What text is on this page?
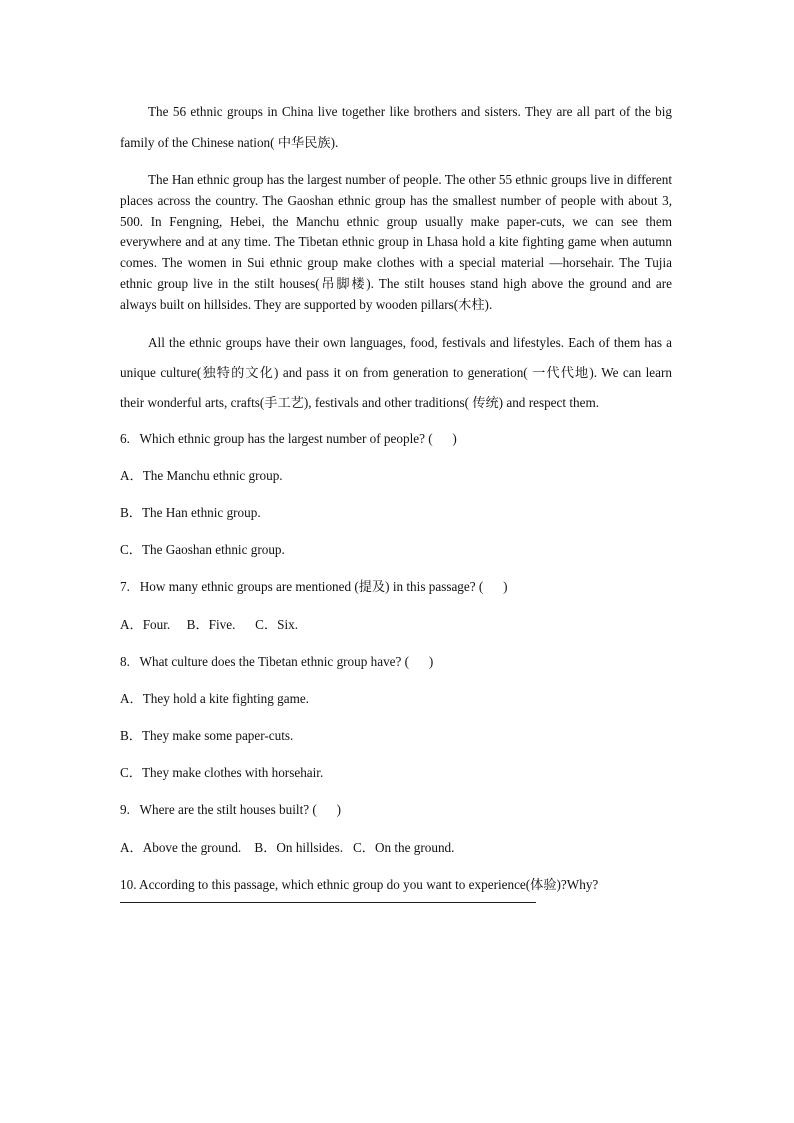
The 56 ethnic groups in China live together like brothers and sisters. They are all part of the big family of the Chinese nation( 中华民族).

The Han ethnic group has the largest number of people. The other 55 ethnic groups live in different places across the country. The Gaoshan ethnic group has the smallest number of people with about 3, 500. In Fengning, Hebei, the Manchu ethnic group usually make paper-cuts, we can see them everywhere and at any time. The Tibetan ethnic group in Lhasa hold a kite fighting game when autumn comes. The women in Sui ethnic group make clothes with a special material —horsehair. The Tujia ethnic group live in the stilt houses(吊脚楼). The stilt houses stand high above the ground and are always built on hillsides. They are supported by wooden pillars(木柱).

All the ethnic groups have their own languages, food, festivals and lifestyles. Each of them has a unique culture(独特的文化) and pass it on from generation to generation( 一代代地). We can learn their wonderful arts, crafts(手工艺), festivals and other traditions( 传统) and respect them.

6.   Which ethnic group has the largest number of people? (      )

A．The Manchu ethnic group.

B．The Han ethnic group.

C．The Gaoshan ethnic group.

7.   How many ethnic groups are mentioned (提及) in this passage? (      )

A．Four.     B．Five.      C．Six.

8.   What culture does the Tibetan ethnic group have? (      )

A．They hold a kite fighting game.

B．They make some paper-cuts.

C．They make clothes with horsehair.

9.   Where are the stilt houses built? (      )

A．Above the ground.    B．On hillsides.   C．On the ground.

10. According to this passage, which ethnic group do you want to experience(体验)?Why?
